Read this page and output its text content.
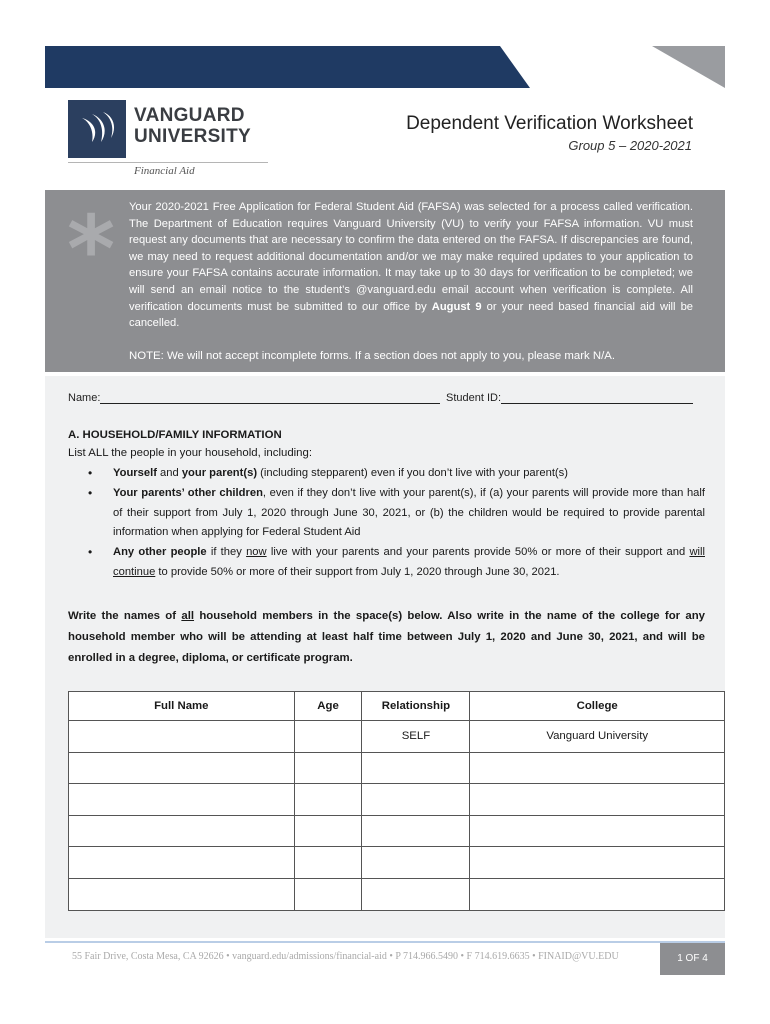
VANGUARD UNIVERSITY
Financial Aid
Dependent Verification Worksheet
Group 5 – 2020-2021
* Your 2020-2021 Free Application for Federal Student Aid (FAFSA) was selected for a process called verification. The Department of Education requires Vanguard University (VU) to verify your FAFSA information. VU must request any documents that are necessary to confirm the data entered on the FAFSA. If discrepancies are found, we may need to request additional documentation and/or we may make required updates to your application to ensure your FAFSA contains accurate information. It may take up to 30 days for verification to be completed; we will send an email notice to the student’s @vanguard.edu email account when verification is complete. All verification documents must be submitted to our office by August 9 or your need based financial aid will be cancelled.
NOTE: We will not accept incomplete forms. If a section does not apply to you, please mark N/A.
Name:	Student ID:
A. HOUSEHOLD/FAMILY INFORMATION
List ALL the people in your household, including:
• Yourself and your parent(s) (including stepparent) even if you don’t live with your parent(s)
• Your parents’ other children, even if they don’t live with your parent(s), if (a) your parents will provide more than half of their support from July 1, 2020 through June 30, 2021, or (b) the children would be required to provide parental information when applying for Federal Student Aid
• Any other people if they now live with your parents and your parents provide 50% or more of their support and will continue to provide 50% or more of their support from July 1, 2020 through June 30, 2021.
Write the names of all household members in the space(s) below. Also write in the name of the college for any household member who will be attending at least half time between July 1, 2020 and June 30, 2021, and will be enrolled in a degree, diploma, or certificate program.
Full Name	Age	Relationship	College
		SELF	Vanguard University

55 Fair Drive, Costa Mesa, CA 92626 • vanguard.edu/admissions/financial-aid • P 714.966.5490 • F 714.619.6635 • FINAID@VU.EDU	1 OF 4
